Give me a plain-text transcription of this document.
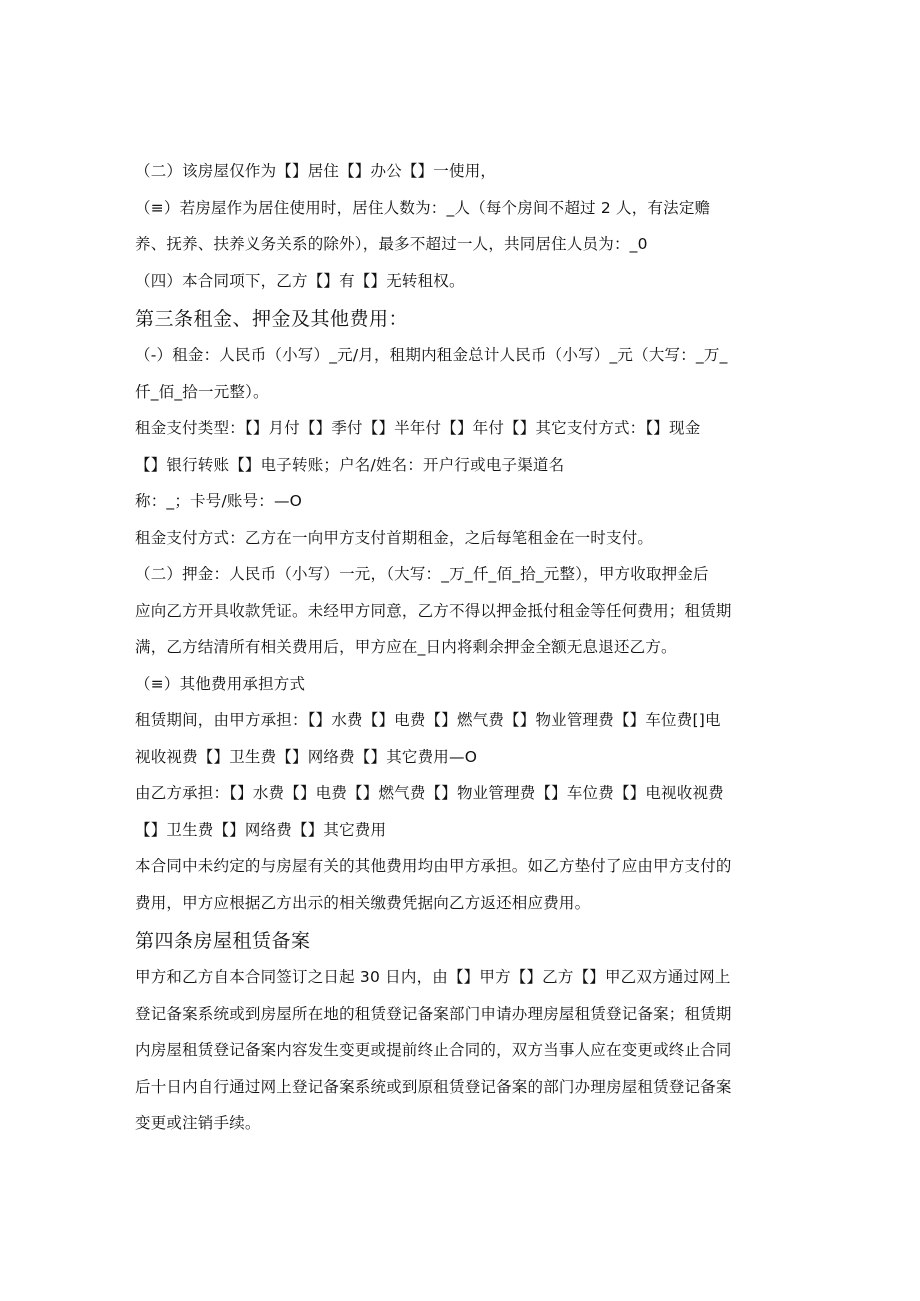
（二）该房屋仅作为【】居住【】办公【】一使用，
（≡）若房屋作为居住使用时，居住人数为：_人（每个房间不超过 2 人，有法定赡
养、抚养、扶养义务关系的除外），最多不超过一人，共同居住人员为：_0
（四）本合同项下，乙方【】有【】无转租权。
第三条租金、押金及其他费用：
（-）租金：人民币（小写）_元/月，租期内租金总计人民币（小写）_元（大写：_万_
仟_佰_拾一元整）。
租金支付类型：【】月付【】季付【】半年付【】年付【】其它支付方式：【】现金
【】银行转账【】电子转账；户名/姓名：开户行或电子渠道名
称：_；卡号/账号：—O
租金支付方式：乙方在一向甲方支付首期租金，之后每笔租金在一时支付。
（二）押金：人民币（小写）一元，（大写：_万_仟_佰_拾_元整），甲方收取押金后
应向乙方开具收款凭证。未经甲方同意，乙方不得以押金抵付租金等任何费用；租赁期
满，乙方结清所有相关费用后，甲方应在_日内将剩余押金全额无息退还乙方。
（≡）其他费用承担方式
租赁期间，由甲方承担：【】水费【】电费【】燃气费【】物业管理费【】车位费[]电
视收视费【】卫生费【】网络费【】其它费用—O
由乙方承担：【】水费【】电费【】燃气费【】物业管理费【】车位费【】电视收视费
【】卫生费【】网络费【】其它费用
本合同中未约定的与房屋有关的其他费用均由甲方承担。如乙方垫付了应由甲方支付的
费用，甲方应根据乙方出示的相关缴费凭据向乙方返还相应费用。
第四条房屋租赁备案
甲方和乙方自本合同签订之日起 30 日内，由【】甲方【】乙方【】甲乙双方通过网上
登记备案系统或到房屋所在地的租赁登记备案部门申请办理房屋租赁登记备案；租赁期
内房屋租赁登记备案内容发生变更或提前终止合同的，双方当事人应在变更或终止合同
后十日内自行通过网上登记备案系统或到原租赁登记备案的部门办理房屋租赁登记备案
变更或注销手续。
